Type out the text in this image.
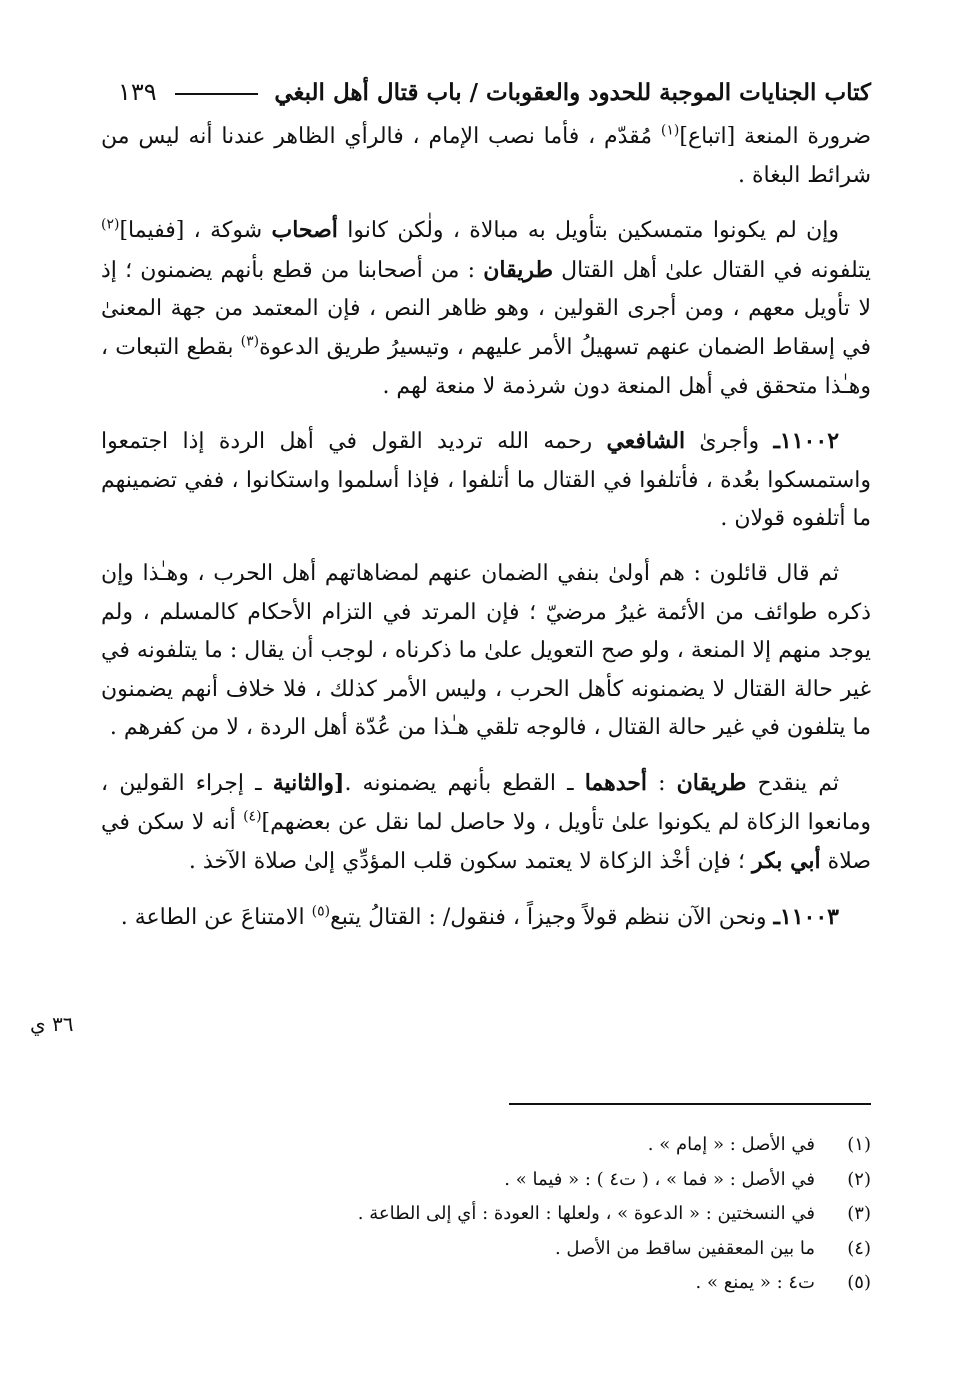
كتاب الجنايات الموجبة للحدود والعقوبات / باب قتال أهل البغي
١٣٩

ضرورة المنعة [اتباع]$^{(١)}$ مُقدّم ، فأما نصب الإمام ، فالرأي الظاهر عندنا أنه ليس من شرائط البغاة .

وإن لم يكونوا متمسكين بتأويل به مبالاة ، ولٰكن كانوا أصحاب شوكة ، [ففيما]$^{(٢)}$ يتلفونه في القتال علىٰ أهل القتال طريقان : من أصحابنا من قطع بأنهم يضمنون ؛ إذ لا تأويل معهم ، ومن أجرى القولين ، وهو ظاهر النص ، فإن المعتمد من جهة المعنىٰ في إسقاط الضمان عنهم تسهيلُ الأمر عليهم ، وتيسيرُ طريق الدعوة$^{(٣)}$ بقطع التبعات ، وهـٰذا متحقق في أهل المنعة دون شرذمة لا منعة لهم .

١١٠٠٢ـ وأجرىٰ الشافعي رحمه الله ترديد القول في أهل الردة إذا اجتمعوا واستمسكوا بعُدة ، فأتلفوا في القتال ما أتلفوا ، فإذا أسلموا واستكانوا ، ففي تضمينهم ما أتلفوه قولان .

ثم قال قائلون : هم أولىٰ بنفي الضمان عنهم لمضاهاتهم أهل الحرب ، وهـٰذا وإن ذكره طوائف من الأئمة غيرُ مرضيّ ؛ فإن المرتد في التزام الأحكام كالمسلم ، ولم يوجد منهم إلا المنعة ، ولو صح التعويل علىٰ ما ذكرناه ، لوجب أن يقال : ما يتلفونه في غير حالة القتال لا يضمنونه كأهل الحرب ، وليس الأمر كذلك ، فلا خلاف أنهم يضمنون ما يتلفون في غير حالة القتال ، فالوجه تلقي هـٰذا من عُدّة أهل الردة ، لا من كفرهم .

ثم ينقدح طريقان : أحدهما ـ القطع بأنهم يضمنونه .[والثانية ـ إجراء القولين ، ومانعوا الزكاة لم يكونوا علىٰ تأويل ، ولا حاصل لما نقل عن بعضهم]$^{(٤)}$ أنه لا سكن في صلاة أبي بكر ؛ فإن أخْذ الزكاة لا يعتمد سكون قلب المؤدِّي إلىٰ صلاة الآخذ .

١١٠٠٣ـ ونحن الآن ننظم قولاً وجيزاً ، فنقول/ : القتالُ يتبع$^{(٥)}$ الامتناعَ عن الطاعة .

٣٦ ي
(١)
في الأصل : « إمام » .
(٢)
في الأصل : « فما » ، ( ت٤ ) : « فيما » .
(٣)
في النسختين : « الدعوة » ، ولعلها : العودة : أي إلى الطاعة .
(٤)
ما بين المعقفين ساقط من الأصل .
(٥)
ت٤ : « يمنع » .
